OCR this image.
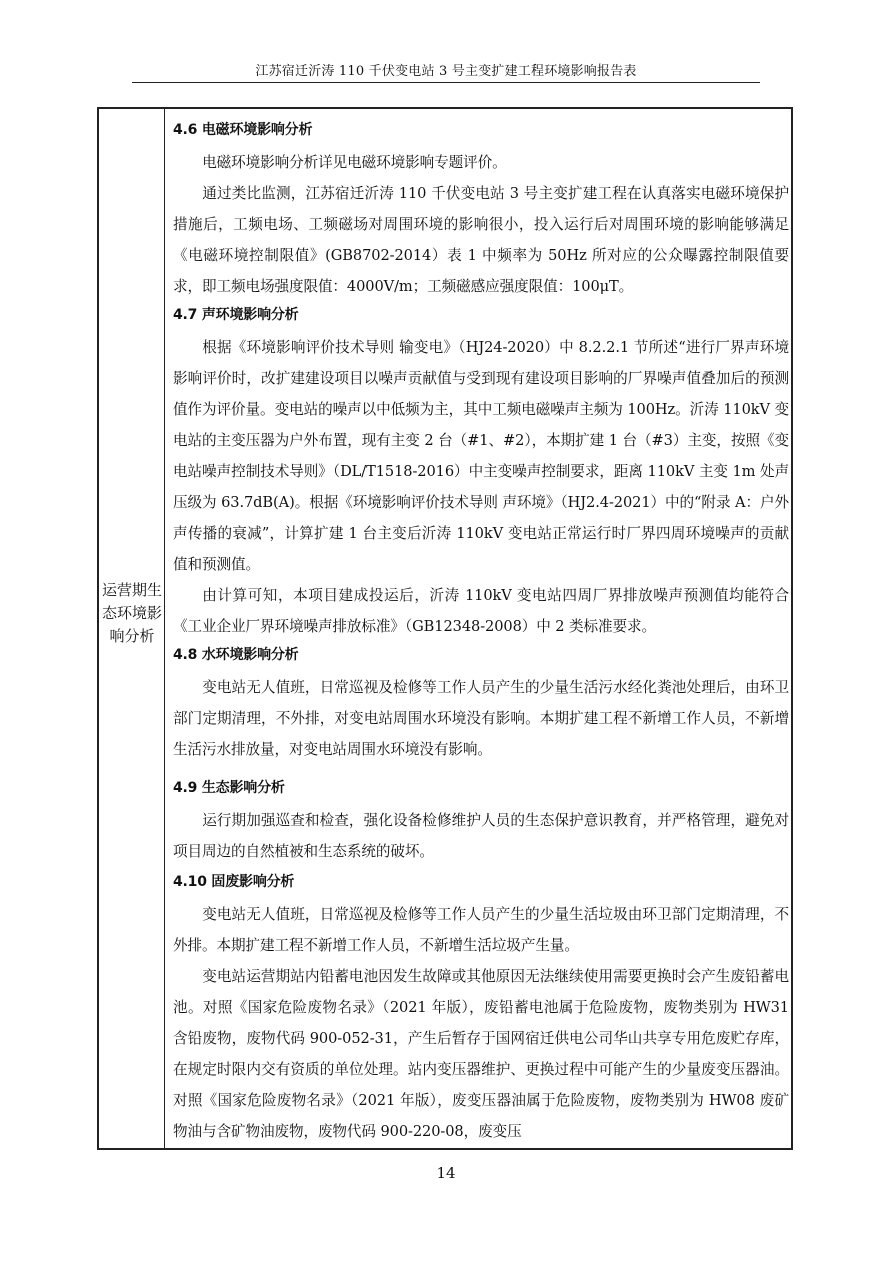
江苏宿迁沂涛 110 千伏变电站 3 号主变扩建工程环境影响报告表
运营期生态环境影响分析
4.6 电磁环境影响分析

电磁环境影响分析详见电磁环境影响专题评价。

通过类比监测，江苏宿迁沂涛 110 千伏变电站 3 号主变扩建工程在认真落实电磁环境保护措施后，工频电场、工频磁场对周围环境的影响很小，投入运行后对周围环境的影响能够满足《电磁环境控制限值》(GB8702-2014）表 1 中频率为 50Hz 所对应的公众曝露控制限值要求，即工频电场强度限值：4000V/m；工频磁感应强度限值：100μT。

4.7 声环境影响分析

根据《环境影响评价技术导则 输变电》（HJ24-2020）中 8.2.2.1 节所述“进行厂界声环境影响评价时，改扩建建设项目以噪声贡献值与受到现有建设项目影响的厂界噪声值叠加后的预测值作为评价量。变电站的噪声以中低频为主，其中工频电磁噪声主频为 100Hz。沂涛 110kV 变电站的主变压器为户外布置，现有主变 2 台（#1、#2），本期扩建 1 台（#3）主变，按照《变电站噪声控制技术导则》（DL/T1518-2016）中主变噪声控制要求，距离 110kV 主变 1m 处声压级为 63.7dB(A)。根据《环境影响评价技术导则 声环境》（HJ2.4-2021）中的“附录 A：户外声传播的衰减”，计算扩建 1 台主变后沂涛 110kV 变电站正常运行时厂界四周环境噪声的贡献值和预测值。

由计算可知，本项目建成投运后，沂涛 110kV 变电站四周厂界排放噪声预测值均能符合《工业企业厂界环境噪声排放标准》（GB12348-2008）中 2 类标准要求。

4.8 水环境影响分析

变电站无人值班，日常巡视及检修等工作人员产生的少量生活污水经化粪池处理后，由环卫部门定期清理，不外排，对变电站周围水环境没有影响。本期扩建工程不新增工作人员，不新增生活污水排放量，对变电站周围水环境没有影响。

4.9 生态影响分析

运行期加强巡查和检查，强化设备检修维护人员的生态保护意识教育，并严格管理，避免对项目周边的自然植被和生态系统的破坏。

4.10 固废影响分析

变电站无人值班，日常巡视及检修等工作人员产生的少量生活垃圾由环卫部门定期清理，不外排。本期扩建工程不新增工作人员，不新增生活垃圾产生量。

变电站运营期站内铅蓄电池因发生故障或其他原因无法继续使用需要更换时会产生废铅蓄电池。对照《国家危险废物名录》（2021 年版），废铅蓄电池属于危险废物，废物类别为 HW31 含铅废物，废物代码 900-052-31，产生后暂存于国网宿迁供电公司华山共享专用危废贮存库，在规定时限内交有资质的单位处理。站内变压器维护、更换过程中可能产生的少量废变压器油。对照《国家危险废物名录》（2021 年版），废变压器油属于危险废物，废物类别为 HW08 废矿物油与含矿物油废物，废物代码 900-220-08，废变压

14
